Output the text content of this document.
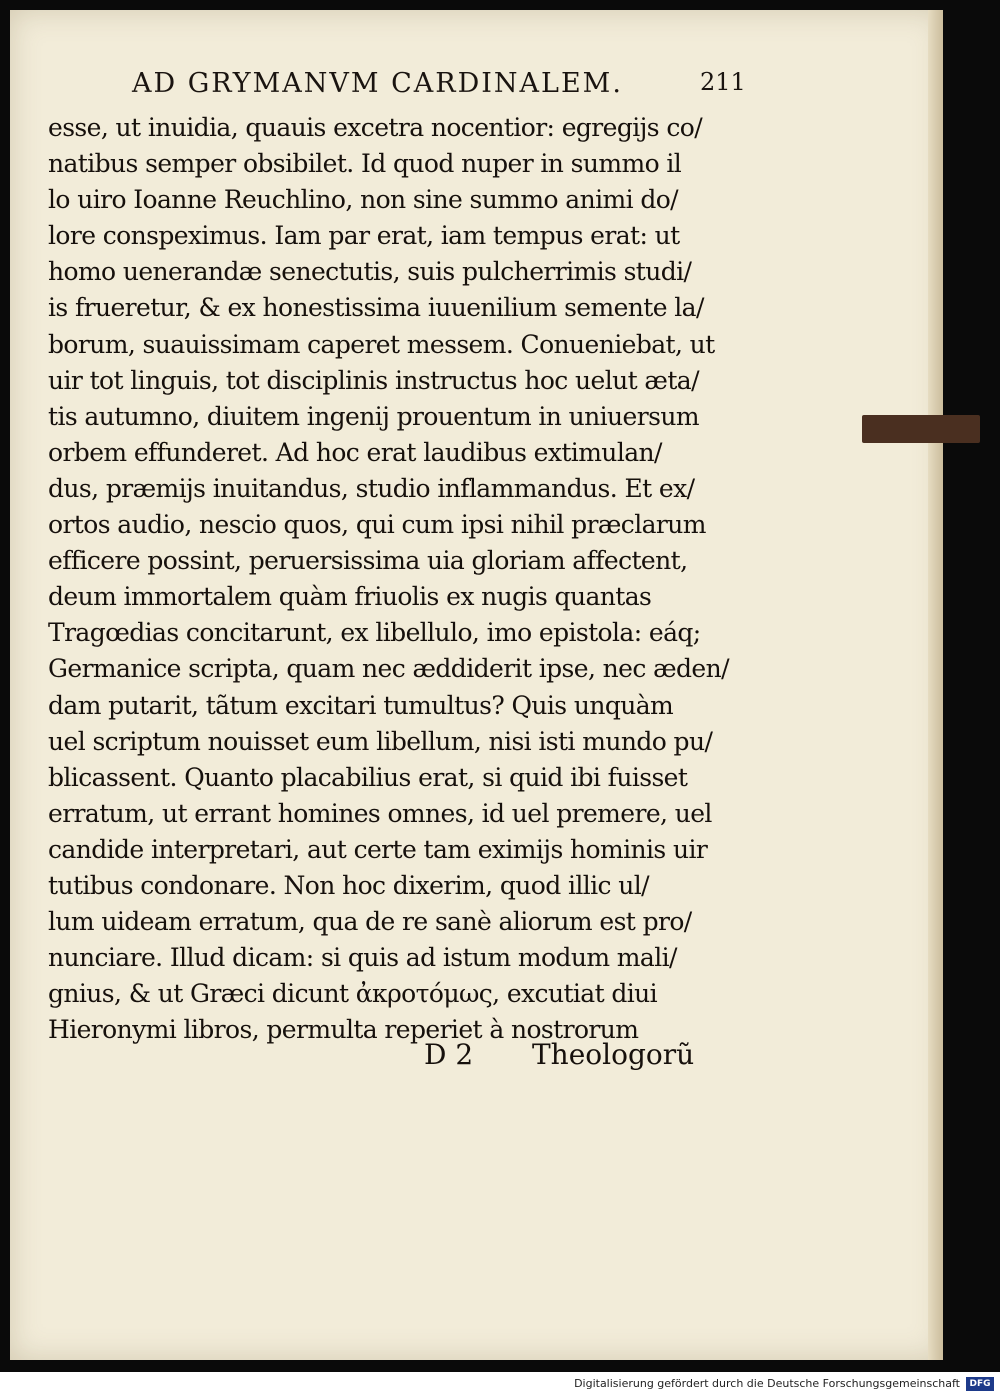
AD GRYMANVM CARDINALEM.	211
esse, ut inuidia, quauis excetra nocentior: egregijs co/
natibus semper obsibilet. Id quod nuper in summo il
lo uiro Ioanne Reuchlino, non sine summo animi do/
lore conspeximus. Iam par erat, iam tempus erat: ut
homo uenerandæ senectutis, suis pulcherrimis studi/
is frueretur, & ex honestissima iuuenilium semente la/
borum, suauissimam caperet messem. Conueniebat, ut
uir tot linguis, tot disciplinis instructus hoc uelut æta/
tis autumno, diuitem ingenij prouentum in uniuersum
orbem effunderet. Ad hoc erat laudibus extimulan/
dus, præmijs inuitandus, studio inflammandus. Et ex/
ortos audio, nescio quos, qui cum ipsi nihil præclarum
efficere possint, peruersissima uia gloriam affectent,
deum immortalem quàm friuolis ex nugis quantas
Tragœdias concitarunt, ex libellulo, imo epistola: eáq;
Germanice scripta, quam nec æddiderit ipse, nec æden/
dam putarit, tãtum excitari tumultus? Quis unquàm
uel scriptum nouisset eum libellum, nisi isti mundo pu/
blicassent. Quanto placabilius erat, si quid ibi fuisset
erratum, ut errant homines omnes, id uel premere, uel
candide interpretari, aut certe tam eximijs hominis uir
tutibus condonare. Non hoc dixerim, quod illic ul/
lum uideam erratum, qua de re sanè aliorum est pro/
nunciare. Illud dicam: si quis ad istum modum mali/
gnius, & ut Græci dicunt ἀκροτόμως, excutiat diui
Hieronymi libros, permulta reperiet à nostrorum
D 2 Theologorũ
Digitalisierung gefördert durch die Deutsche Forschungsgemeinschaft	DFG
